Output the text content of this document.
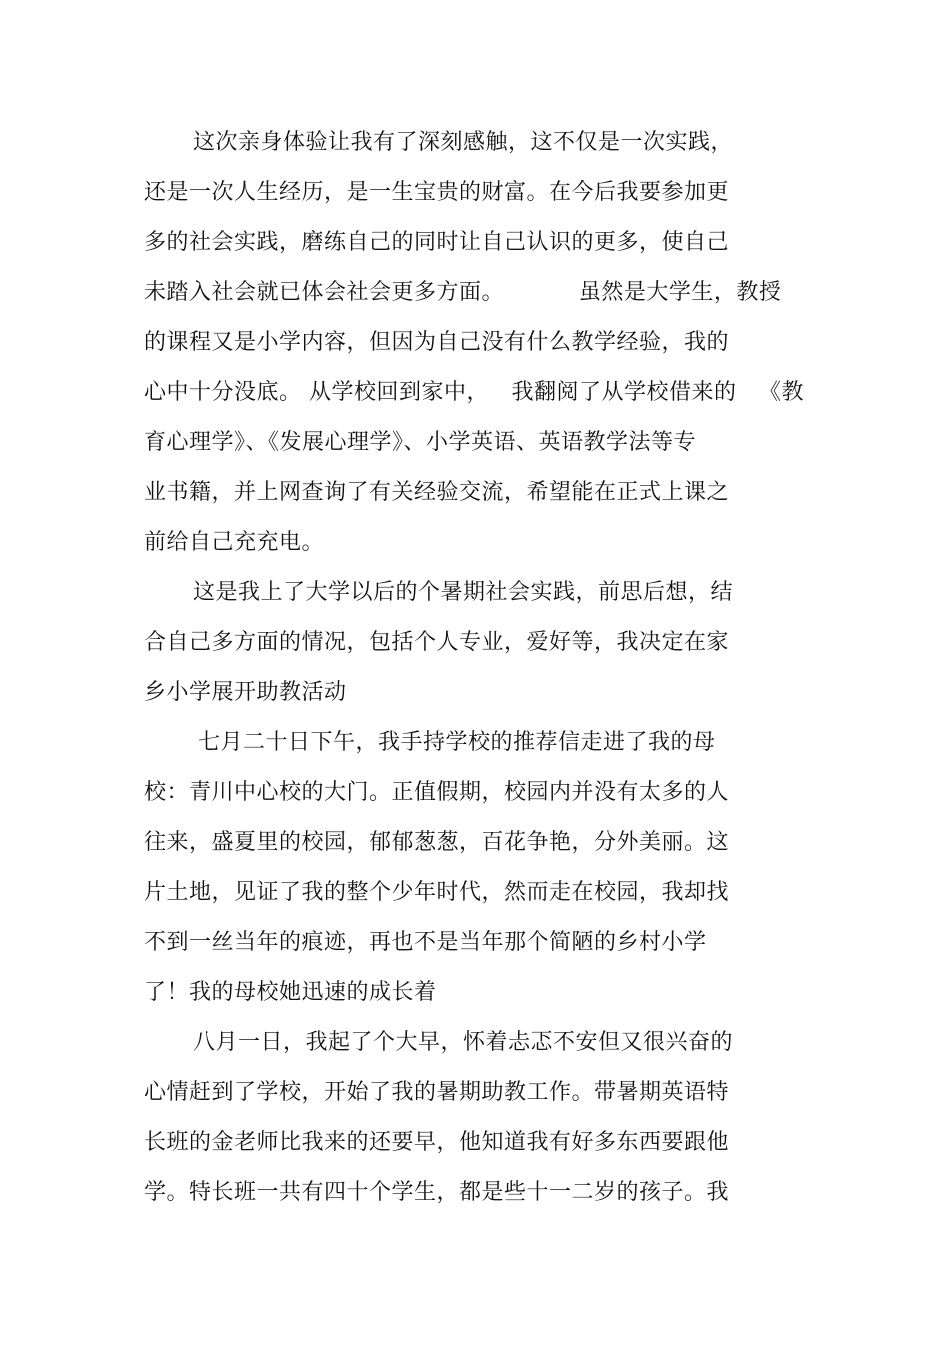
这次亲身体验让我有了深刻感触，这不仅是一次实践，
还是一次人生经历，是一生宝贵的财富。在今后我要参加更
多的社会实践，磨练自己的同时让自己认识的更多，使自己
未踏入社会就已体会社会更多方面。          虽然是大学生，教授
的课程又是小学内容，但因为自己没有什么教学经验，我的
心中十分没底。 从学校回到家中，   我翻阅了从学校借来的   《教
育心理学》、《发展心理学》、小学英语、英语教学法等专
业书籍，并上网查询了有关经验交流，希望能在正式上课之
前给自己充充电。
这是我上了大学以后的个暑期社会实践，前思后想，结
合自己多方面的情况，包括个人专业，爱好等，我决定在家
乡小学展开助教活动
七月二十日下午，我手持学校的推荐信走进了我的母
校：青川中心校的大门。正值假期，校园内并没有太多的人
往来，盛夏里的校园，郁郁葱葱，百花争艳，分外美丽。这
片土地，见证了我的整个少年时代，然而走在校园，我却找
不到一丝当年的痕迹，再也不是当年那个简陋的乡村小学
了！我的母校她迅速的成长着
八月一日，我起了个大早，怀着忐忑不安但又很兴奋的
心情赶到了学校，开始了我的暑期助教工作。带暑期英语特
长班的金老师比我来的还要早，他知道我有好多东西要跟他
学。特长班一共有四十个学生，都是些十一二岁的孩子。我
